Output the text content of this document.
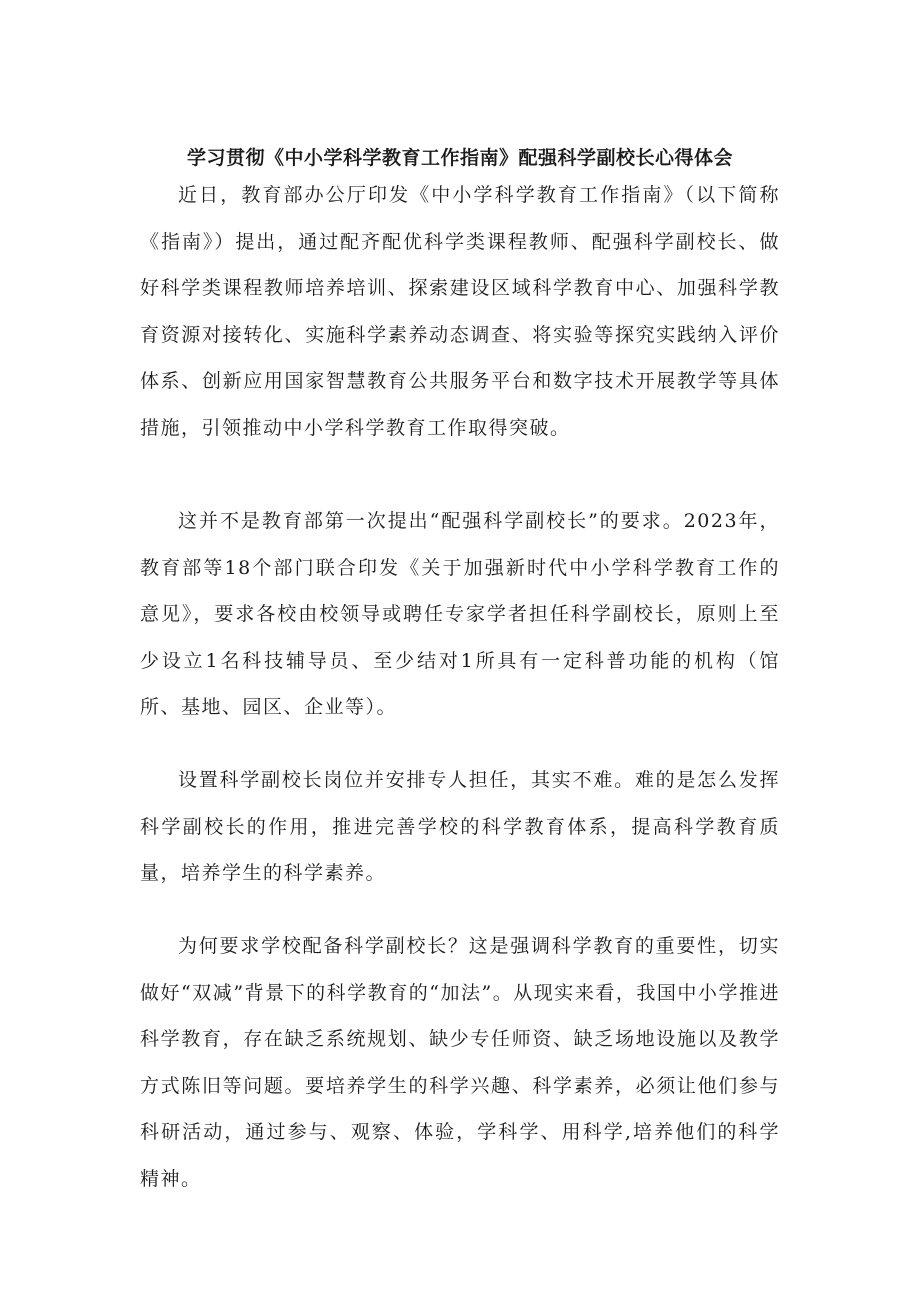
学习贯彻《中小学科学教育工作指南》配强科学副校长心得体会

近日，教育部办公厅印发《中小学科学教育工作指南》（以下简称《指南》）提出，通过配齐配优科学类课程教师、配强科学副校长、做好科学类课程教师培养培训、探索建设区域科学教育中心、加强科学教育资源对接转化、实施科学素养动态调查、将实验等探究实践纳入评价体系、创新应用国家智慧教育公共服务平台和数字技术开展教学等具体措施，引领推动中小学科学教育工作取得突破。

这并不是教育部第一次提出“配强科学副校长”的要求。2023年，教育部等18个部门联合印发《关于加强新时代中小学科学教育工作的意见》，要求各校由校领导或聘任专家学者担任科学副校长，原则上至少设立1名科技辅导员、至少结对1所具有一定科普功能的机构（馆所、基地、园区、企业等）。

设置科学副校长岗位并安排专人担任，其实不难。难的是怎么发挥科学副校长的作用，推进完善学校的科学教育体系，提高科学教育质量，培养学生的科学素养。

为何要求学校配备科学副校长？这是强调科学教育的重要性，切实做好“双减”背景下的科学教育的“加法”。从现实来看，我国中小学推进科学教育，存在缺乏系统规划、缺少专任师资、缺乏场地设施以及教学方式陈旧等问题。要培养学生的科学兴趣、科学素养，必须让他们参与科研活动，通过参与、观察、体验，学科学、用科学,培养他们的科学精神。
